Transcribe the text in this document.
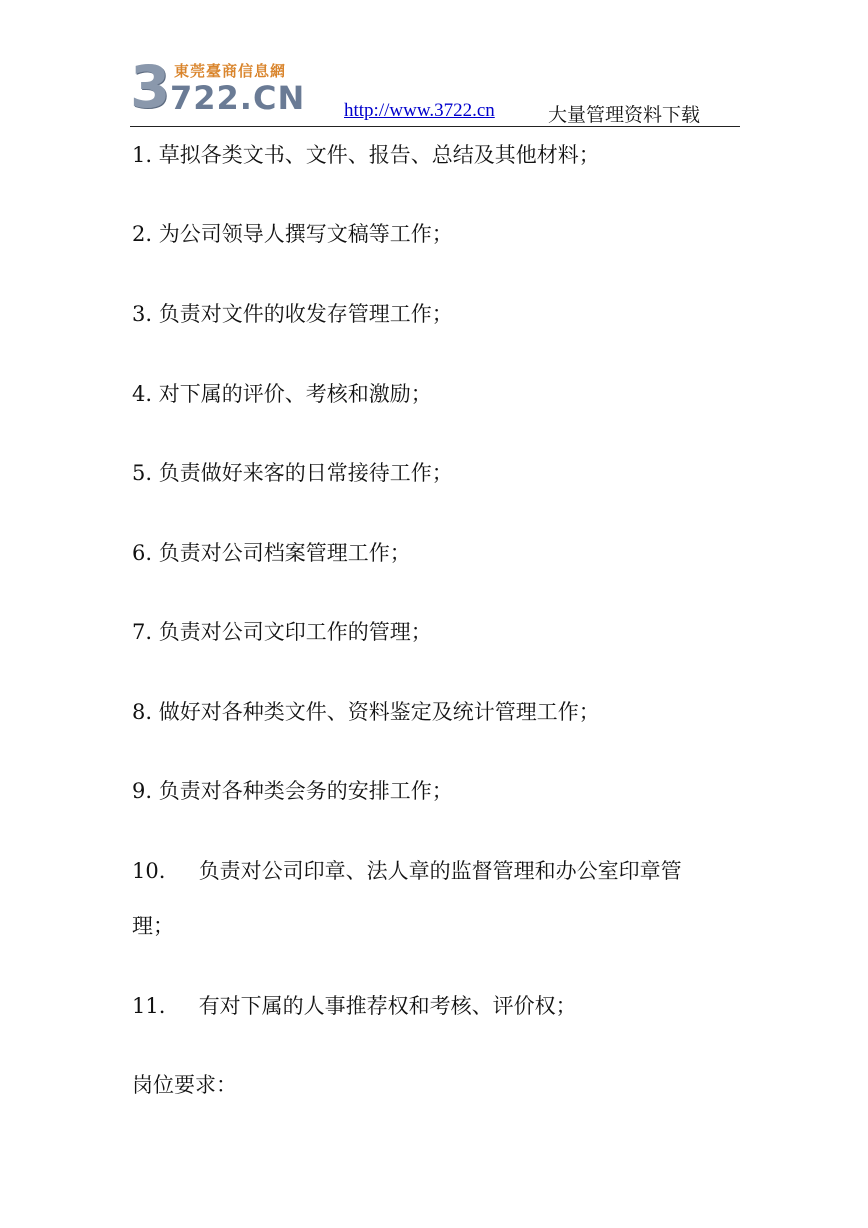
3 東莞臺商信息網
722.CN http://www.3722.cn	大量管理资料下载
1. 草拟各类文书、文件、报告、总结及其他材料；
2. 为公司领导人撰写文稿等工作；
3. 负责对文件的收发存管理工作；
4. 对下属的评价、考核和激励；
5. 负责做好来客的日常接待工作；
6. 负责对公司档案管理工作；
7. 负责对公司文印工作的管理；
8. 做好对各种类文件、资料鉴定及统计管理工作；
9. 负责对各种类会务的安排工作；
10. 负责对公司印章、法人章的监督管理和办公室印章管
理；
11. 有对下属的人事推荐权和考核、评价权；
岗位要求：
